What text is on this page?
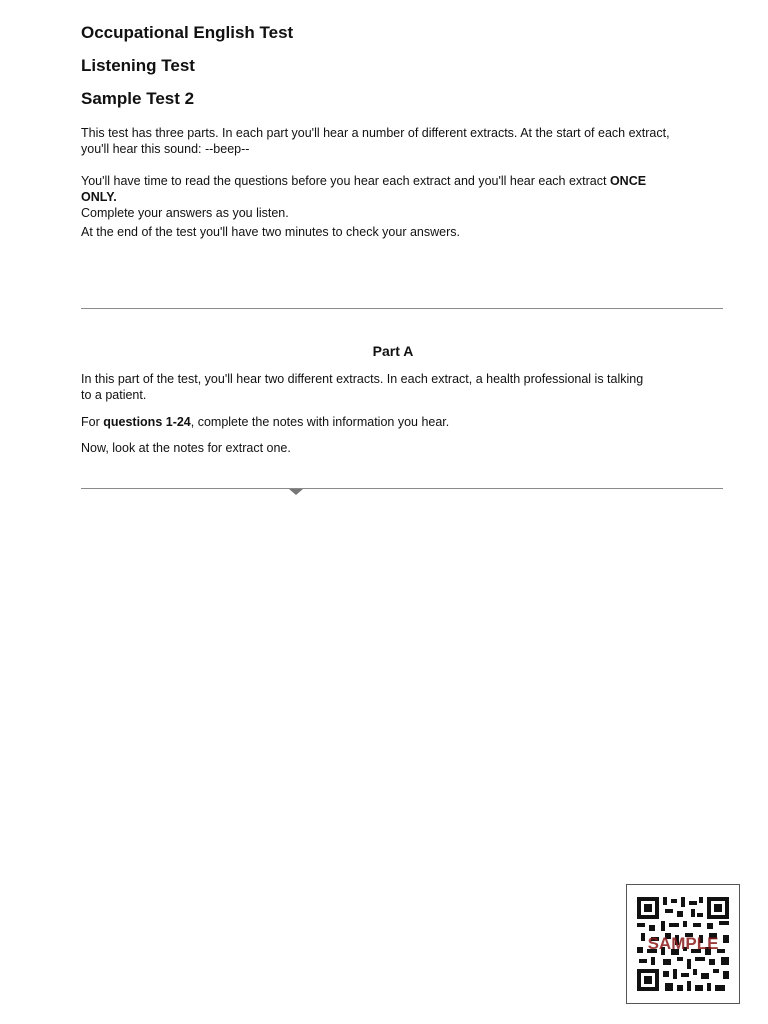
Occupational English Test
Listening Test
Sample Test 2

This test has three parts. In each part you'll hear a number of different extracts. At the start of each extract, you'll hear this sound: --beep--

You'll have time to read the questions before you hear each extract and you'll hear each extract ONCE ONLY.
Complete your answers as you listen.

At the end of the test you'll have two minutes to check your answers.

Part A

In this part of the test, you'll hear two different extracts. In each extract, a health professional is talking to a patient.

For questions 1-24, complete the notes with information you hear.

Now, look at the notes for extract one.

SAMPLE
